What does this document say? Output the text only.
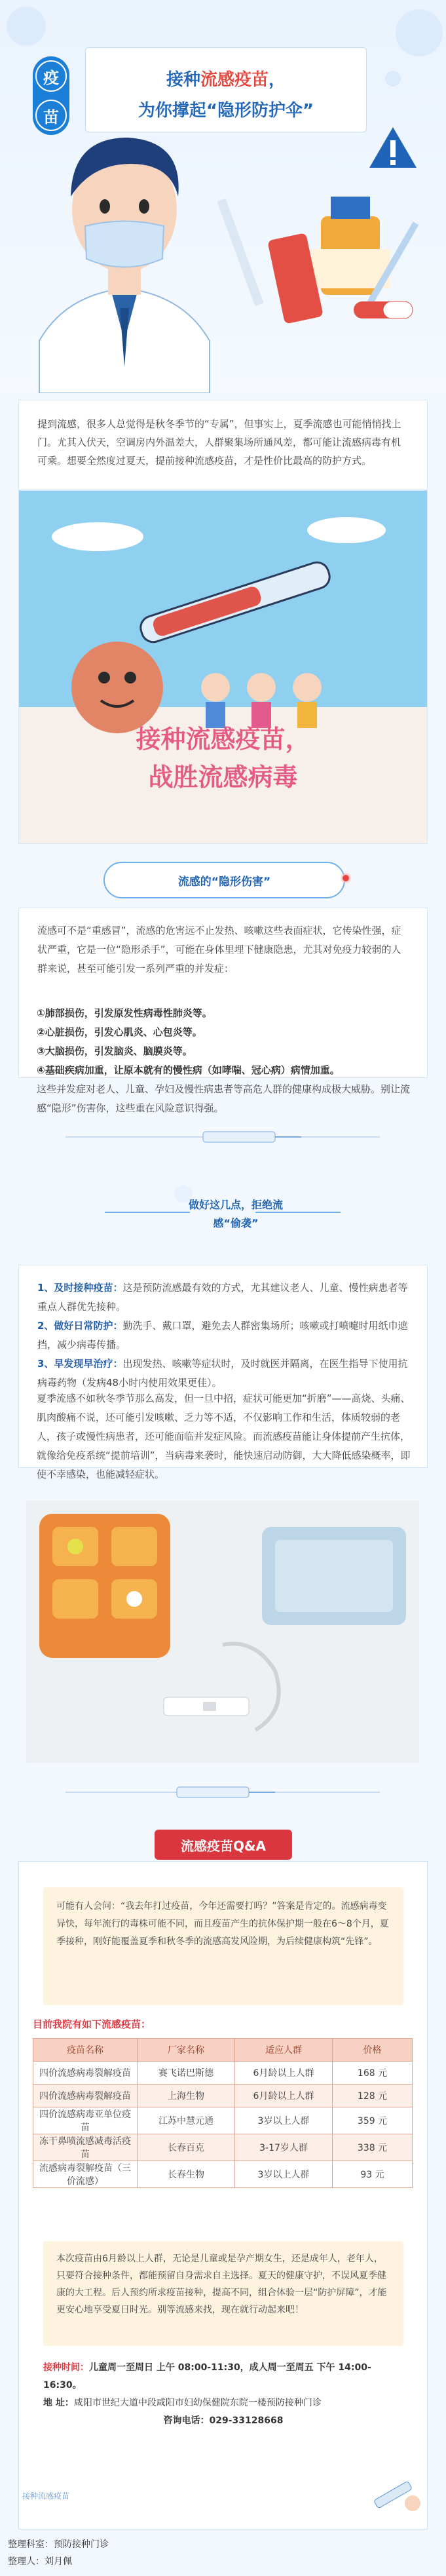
疫
苗
接种流感疫苗，
为你撑起“隐形防护伞”
提到流感，很多人总觉得是秋冬季节的“专属”，但事实上，夏季流感也可能悄悄找上门。尤其入伏天，空调房内外温差大，人群聚集场所通风差，都可能让流感病毒有机可乘。想要全然度过夏天，提前接种流感疫苗，才是性价比最高的防护方式。
接种流感疫苗，
战胜流感病毒
流感的“隐形伤害”
流感可不是“重感冒”，流感的危害远不止发热、咳嗽这些表面症状，它传染性强，症状严重，它是一位“隐形杀手”，可能在身体里埋下健康隐患，尤其对免疫力较弱的人群来说，甚至可能引发一系列严重的并发症：
①肺部损伤，引发原发性病毒性肺炎等。
②心脏损伤，引发心肌炎、心包炎等。
③大脑损伤，引发脑炎、脑膜炎等。
④基础疾病加重，让原本就有的慢性病（如哮喘、冠心病）病情加重。
这些并发症对老人、儿童、孕妇及慢性病患者等高危人群的健康构成极大威胁。别让流感“隐形”伤害你，这些重在风险意识得强。
做好这几点，拒绝流感“偷袭”
1、及时接种疫苗：这是预防流感最有效的方式，尤其建议老人、儿童、慢性病患者等重点人群优先接种。
2、做好日常防护：勤洗手、戴口罩，避免去人群密集场所；咳嗽或打喷嚏时用纸巾遮挡，减少病毒传播。
3、早发现早治疗：出现发热、咳嗽等症状时，及时就医并隔离，在医生指导下使用抗病毒药物（发病48小时内使用效果更佳）。
夏季流感不如秋冬季节那么高发，但一旦中招，症状可能更加“折磨”——高烧、头痛、肌肉酸痛不说，还可能引发咳嗽、乏力等不适，不仅影响工作和生活，体质较弱的老人，孩子或慢性病患者，还可能面临并发症风险。而流感疫苗能让身体提前产生抗体，就像给免疫系统“提前培训”，当病毒来袭时，能快速启动防御，大大降低感染概率，即使不幸感染，也能减轻症状。
流感疫苗Q&A
可能有人会问：“我去年打过疫苗，今年还需要打吗？”答案是肯定的。流感病毒变异快，每年流行的毒株可能不同，而且疫苗产生的抗体保护期一般在6～8个月，夏季接种，刚好能覆盖夏季和秋冬季的流感高发风险期，为后续健康构筑“先锋”。
目前我院有如下流感疫苗：
疫苗名称	厂家名称	适应人群	价格
四价流感病毒裂解疫苗	赛飞诺巴斯德	6月龄以上人群	168 元
四价流感病毒裂解疫苗	上海生物	6月龄以上人群	128 元
四价流感病毒亚单位疫苗	江苏中慧元通	3岁以上人群	359 元
冻干鼻喷流感减毒活疫苗	长春百克	3-17岁人群	338 元
流感病毒裂解疫苗（三价流感）	长春生物	3岁以上人群	93 元
本次疫苗由6月龄以上人群，无论是儿童或是孕产期女生，还是成年人，老年人，只要符合接种条件，都能预留自身需求自主选择。夏天的健康守护，不误风夏季健康的大工程。后人预约所求疫苗接种，提高不同，组合体验一层“防护屏障”，才能更安心地享受夏日时光。别等流感来找，现在就行动起来吧！
接种时间：儿童周一至周日 上午 08:00-11:30，成人周一至周五 下午 14:00-16:30。
地 址：咸阳市世纪大道中段咸阳市妇幼保健院东院一楼预防接种门诊
咨询电话：029-33128668
接种流感疫苗
整理科室：预防接种门诊
整理人：刘月佩
